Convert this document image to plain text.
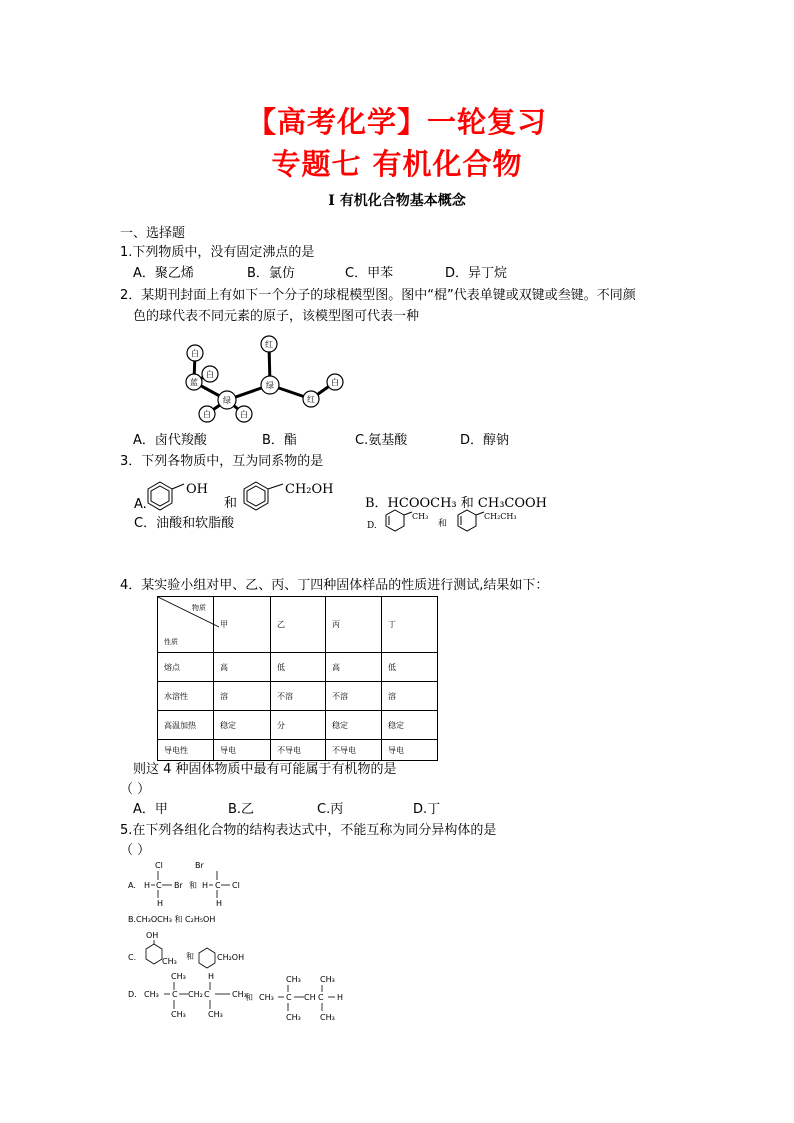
【高考化学】一轮复习
专题七 有机化合物
I 有机化合物基本概念
一、选择题
1.下列物质中，没有固定沸点的是
A．聚乙烯	B．氯仿	C．甲苯	D．异丁烷
2．某期刊封面上有如下一个分子的球棍模型图。图中“棍”代表单键或双键或叁键。不同颜
色的球代表不同元素的原子，该模型图可代表一种
白
白
蓝
绿
白	白
绿
红
红
白
A．卤代羧酸	B．酯	C.氨基酸	D．醇钠
3．下列各物质中，互为同系物的是
A.
OH
和
CH₂OH
B．HCOOCH₃ 和 CH₃COOH
C．油酸和软脂酸	D.
CH₃
和
CH₂CH₃
4．某实验小组对甲、乙、丙、丁四种固体样品的性质进行测试,结果如下：
物质
性质	甲	乙	丙	丁
熔点	高	低	高	低
水溶性	溶	不溶	不溶	溶
高温加热	稳定	分	稳定	稳定
导电性	导电	不导电	不导电	导电
则这 4 种固体物质中最有可能属于有机物的是
（ ）
A．甲	B.乙	C.丙	D.丁
5.在下列各组化合物的结构表达式中，不能互称为同分异构体的是
（ ）
A.
Cl
H C Br
H
和
Br
H C Cl
H
B.CH₃OCH₃ 和 C₂H₅OH
C.
OH
CH₃
和	CH₂OH
D.
CH₃	H
CH₃ C	CH₃
CH₃	CH₃
和
CH₃ CH₃
CH₃ C	H
CH₃ CH₃
CH₂ C	CH C
